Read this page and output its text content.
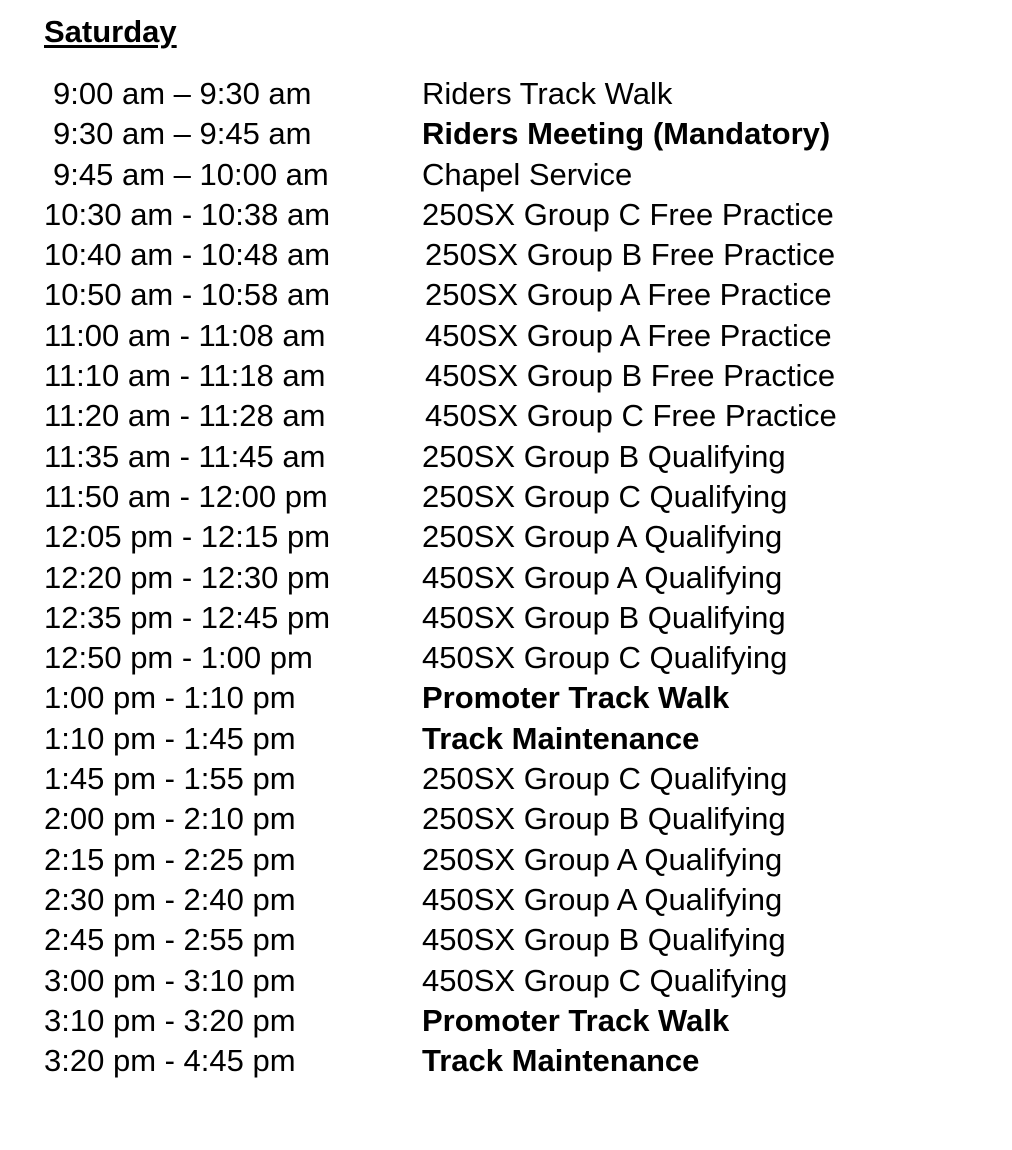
Saturday
9:00 am – 9:30 am	Riders Track Walk
9:30 am – 9:45 am	Riders Meeting (Mandatory)
9:45 am – 10:00 am	Chapel Service
10:30 am - 10:38 am	250SX Group C Free Practice
10:40 am - 10:48 am	250SX Group B Free Practice
10:50 am - 10:58 am	250SX Group A Free Practice
11:00 am - 11:08 am	450SX Group A Free Practice
11:10 am - 11:18 am	450SX Group B Free Practice
11:20 am - 11:28 am	450SX Group C Free Practice
11:35 am - 11:45 am	250SX Group B Qualifying
11:50 am - 12:00 pm	250SX Group C Qualifying
12:05 pm - 12:15 pm	250SX Group A Qualifying
12:20 pm - 12:30 pm	450SX Group A Qualifying
12:35 pm - 12:45 pm	450SX Group B Qualifying
12:50 pm - 1:00 pm	450SX Group C Qualifying
1:00 pm - 1:10 pm	Promoter Track Walk
1:10 pm - 1:45 pm	Track Maintenance
1:45 pm - 1:55 pm	250SX Group C Qualifying
2:00 pm - 2:10 pm	250SX Group B Qualifying
2:15 pm - 2:25 pm	250SX Group A Qualifying
2:30 pm - 2:40 pm	450SX Group A Qualifying
2:45 pm - 2:55 pm	450SX Group B Qualifying
3:00 pm - 3:10 pm	450SX Group C Qualifying
3:10 pm - 3:20 pm	Promoter Track Walk
3:20 pm - 4:45 pm	Track Maintenance
